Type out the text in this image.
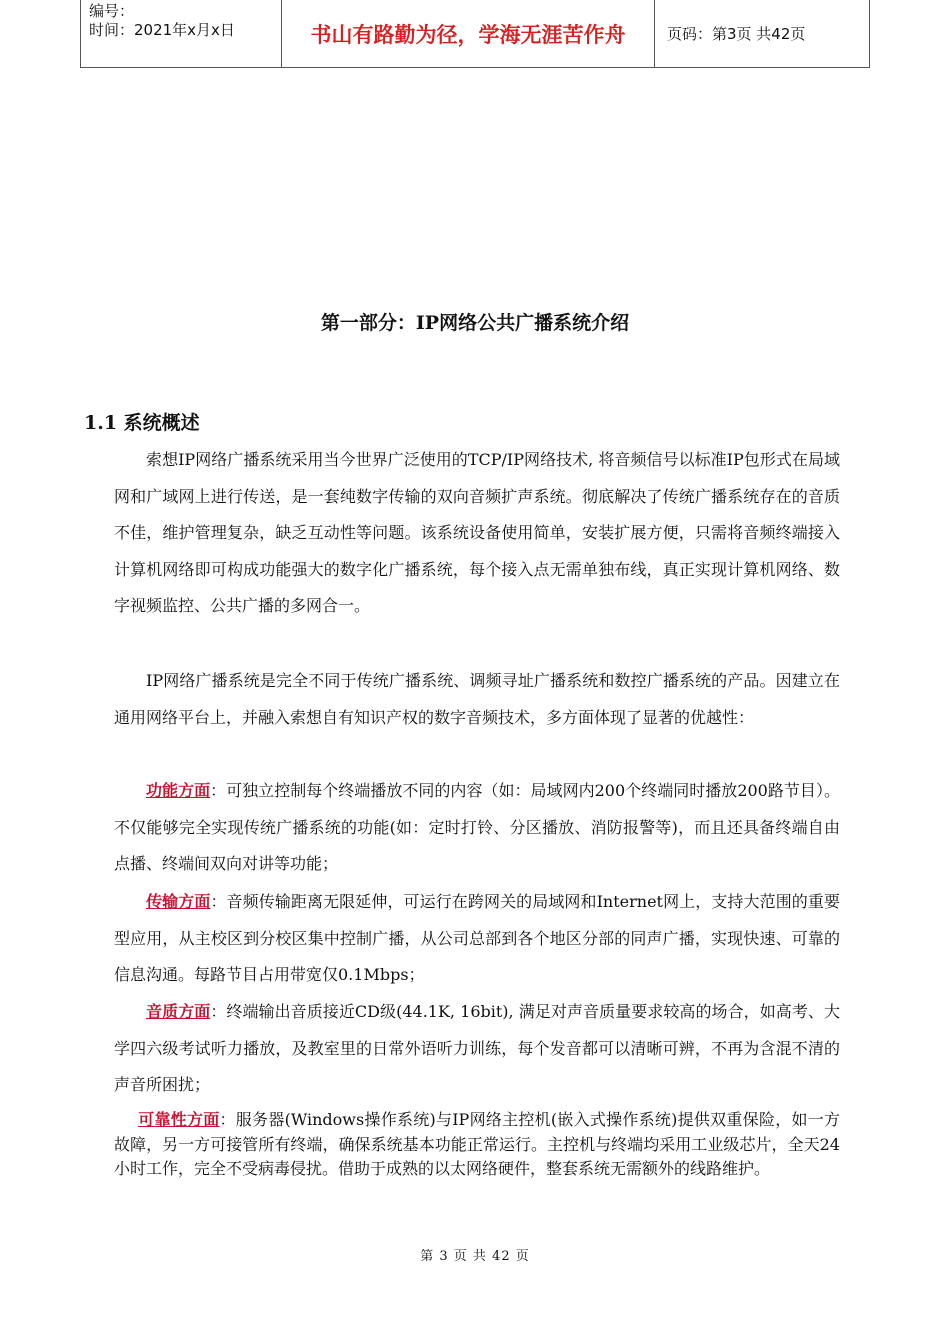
编号：
时间：2021年x月x日	书山有路勤为径，学海无涯苦作舟	页码：第3页 共42页
第一部分：IP网络公共广播系统介绍
1.1 系统概述

索想IP网络广播系统采用当今世界广泛使用的TCP/IP网络技术, 将音频信号以标准IP包形式在局域网和广域网上进行传送，是一套纯数字传输的双向音频扩声系统。彻底解决了传统广播系统存在的音质不佳，维护管理复杂，缺乏互动性等问题。该系统设备使用简单，安装扩展方便，只需将音频终端接入计算机网络即可构成功能强大的数字化广播系统，每个接入点无需单独布线，真正实现计算机网络、数字视频监控、公共广播的多网合一。

IP网络广播系统是完全不同于传统广播系统、调频寻址广播系统和数控广播系统的产品。因建立在通用网络平台上，并融入索想自有知识产权的数字音频技术，多方面体现了显著的优越性：

功能方面：可独立控制每个终端播放不同的内容（如：局域网内200个终端同时播放200路节目）。不仅能够完全实现传统广播系统的功能(如：定时打铃、分区播放、消防报警等)，而且还具备终端自由点播、终端间双向对讲等功能；

传输方面：音频传输距离无限延伸，可运行在跨网关的局域网和Internet网上，支持大范围的重要型应用，从主校区到分校区集中控制广播，从公司总部到各个地区分部的同声广播，实现快速、可靠的信息沟通。每路节目占用带宽仅0.1Mbps；

音质方面：终端输出音质接近CD级(44.1K, 16bit), 满足对声音质量要求较高的场合，如高考、大学四六级考试听力播放，及教室里的日常外语听力训练，每个发音都可以清晰可辨，不再为含混不清的声音所困扰；

可靠性方面：服务器(Windows操作系统)与IP网络主控机(嵌入式操作系统)提供双重保险，如一方故障，另一方可接管所有终端，确保系统基本功能正常运行。主控机与终端均采用工业级芯片，全天24小时工作，完全不受病毒侵扰。借助于成熟的以太网络硬件，整套系统无需额外的线路维护。

第 3 页 共 42 页
